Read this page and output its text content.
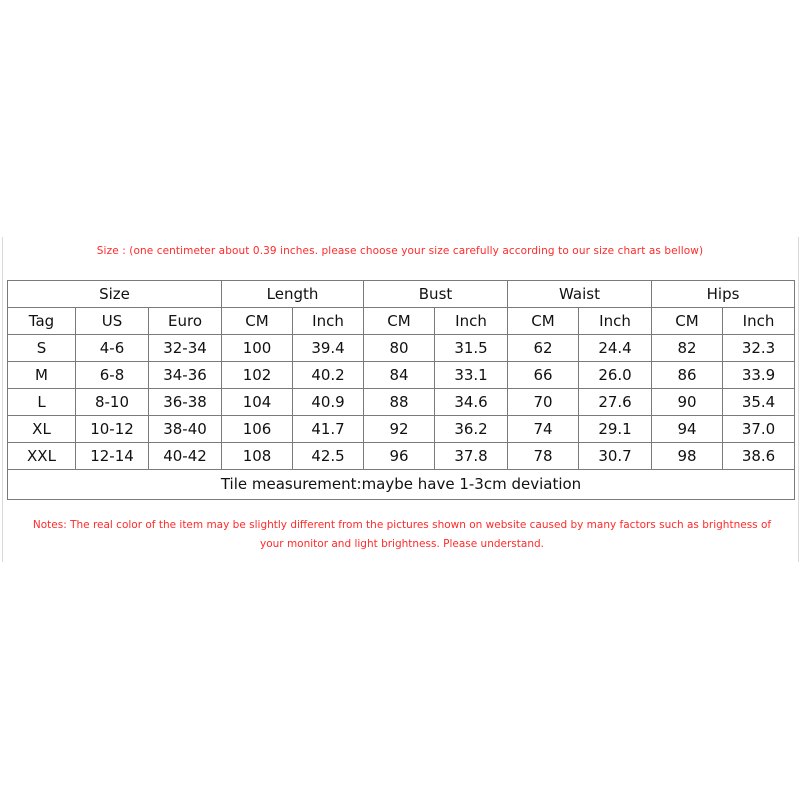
Size : (one centimeter about 0.39 inches. please choose your size carefully according to our size chart as bellow)
Size			Length		Bust		Waist		Hips	
Tag	US	Euro	CM	Inch	CM	Inch	CM	Inch	CM	Inch
S	4-6	32-34	100	39.4	80	31.5	62	24.4	82	32.3
M	6-8	34-36	102	40.2	84	33.1	66	26.0	86	33.9
L	8-10	36-38	104	40.9	88	34.6	70	27.6	90	35.4
XL	10-12	38-40	106	41.7	92	36.2	74	29.1	94	37.0
XXL	12-14	40-42	108	42.5	96	37.8	78	30.7	98	38.6
Tile measurement:maybe have 1-3cm deviation										
Notes: The real color of the item may be slightly different from the pictures shown on website caused by many factors such as brightness of
your monitor and light brightness. Please understand.
